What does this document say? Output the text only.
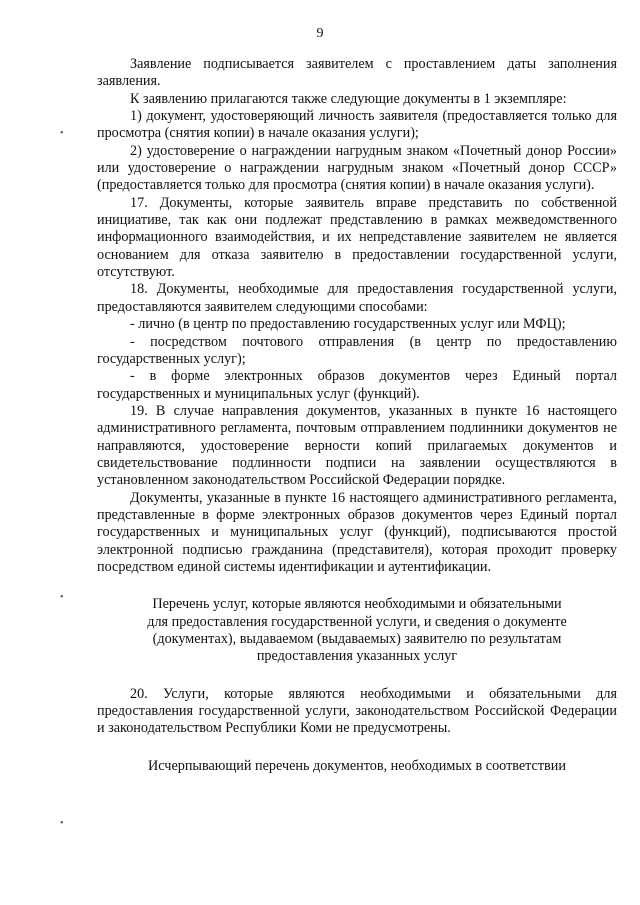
9
•
•
•

Заявление подписывается заявителем с проставлением даты заполнения заявления.

К заявлению прилагаются также следующие документы в 1 экземпляре:

1) документ, удостоверяющий личность заявителя (предоставляется только для просмотра (снятия копии) в начале оказания услуги);

2) удостоверение о награждении нагрудным знаком «Почетный донор России» или удостоверение о награждении нагрудным знаком «Почетный донор СССР» (предоставляется только для просмотра (снятия копии) в начале оказания услуги).

17. Документы, которые заявитель вправе представить по собственной инициативе, так как они подлежат представлению в рамках межведомственного информационного взаимодействия, и их непредставление заявителем не является основанием для отказа заявителю в предоставлении государственной услуги, отсутствуют.

18. Документы, необходимые для предоставления государственной услуги, предоставляются заявителем следующими способами:

- лично (в центр по предоставлению государственных услуг или МФЦ);

- посредством почтового отправления (в центр по предоставлению государственных услуг);

- в форме электронных образов документов через Единый портал государственных и муниципальных услуг (функций).

19. В случае направления документов, указанных в пункте 16 настоящего административного регламента, почтовым отправлением подлинники документов не направляются, удостоверение верности копий прилагаемых документов и свидетельствование подлинности подписи на заявлении осуществляются в установленном законодательством Российской Федерации порядке.

Документы, указанные в пункте 16 настоящего административного регламента, представленные в форме электронных образов документов через Единый портал государственных и муниципальных услуг (функций), подписываются простой электронной подписью гражданина (представителя), которая проходит проверку посредством единой системы идентификации и аутентификации.

Перечень услуг, которые являются необходимыми и обязательными

для предоставления государственной услуги, и сведения о документе

(документах), выдаваемом (выдаваемых) заявителю по результатам

предоставления указанных услуг

20. Услуги, которые являются необходимыми и обязательными для предоставления государственной услуги, законодательством Российской Федерации и законодательством Республики Коми не предусмотрены.

Исчерпывающий перечень документов, необходимых в соответствии
